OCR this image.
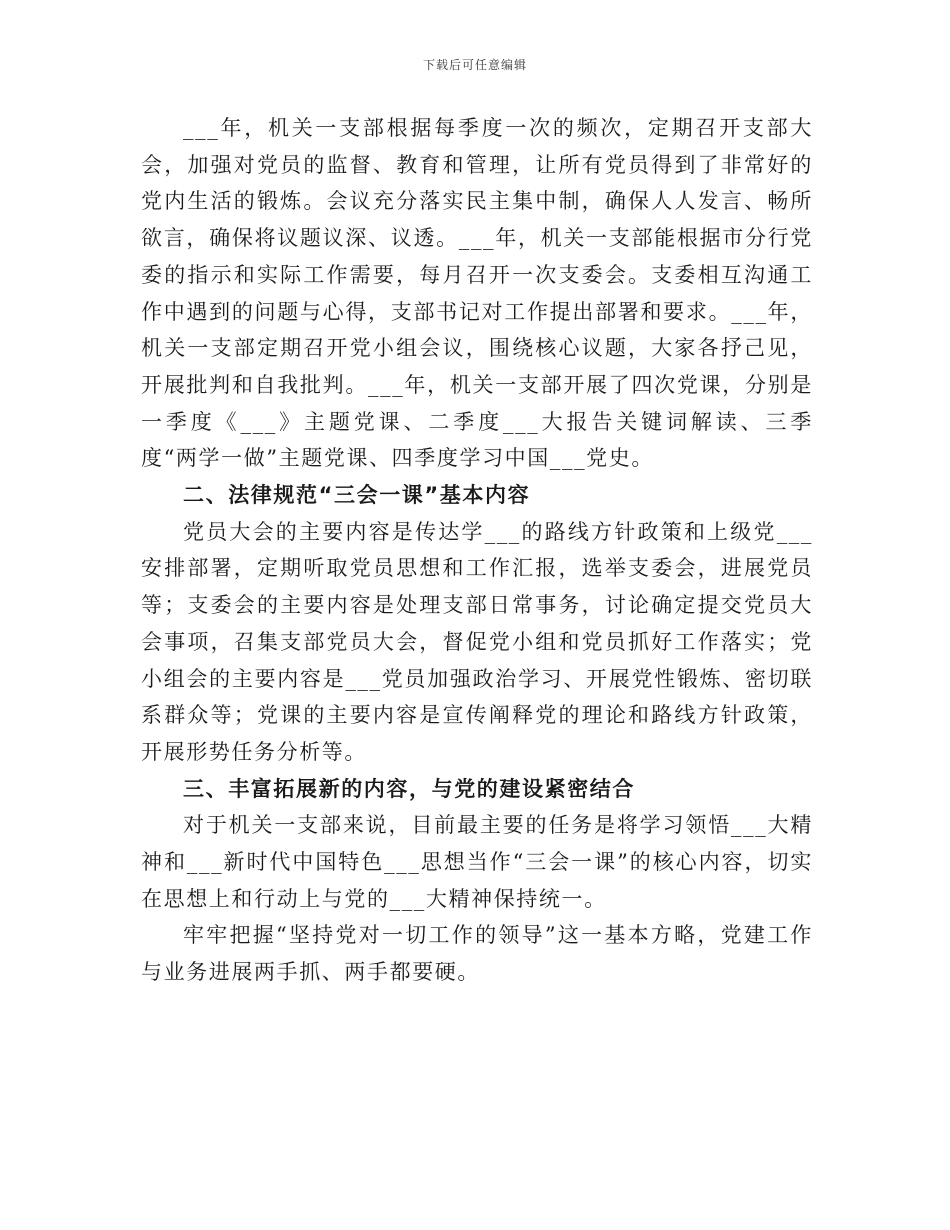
下载后可任意编辑

___年，机关一支部根据每季度一次的频次，定期召开支部大会，加强对党员的监督、教育和管理，让所有党员得到了非常好的党内生活的锻炼。会议充分落实民主集中制，确保人人发言、畅所欲言，确保将议题议深、议透。___年，机关一支部能根据市分行党委的指示和实际工作需要，每月召开一次支委会。支委相互沟通工作中遇到的问题与心得，支部书记对工作提出部署和要求。___年，机关一支部定期召开党小组会议，围绕核心议题，大家各抒己见，开展批判和自我批判。___年，机关一支部开展了四次党课，分别是一季度《___》主题党课、二季度___大报告关键词解读、三季度“两学一做”主题党课、四季度学习中国___党史。

二、法律规范“三会一课”基本内容

党员大会的主要内容是传达学___的路线方针政策和上级党___安排部署，定期听取党员思想和工作汇报，选举支委会，进展党员等；支委会的主要内容是处理支部日常事务，讨论确定提交党员大会事项，召集支部党员大会，督促党小组和党员抓好工作落实；党小组会的主要内容是___党员加强政治学习、开展党性锻炼、密切联系群众等；党课的主要内容是宣传阐释党的理论和路线方针政策，开展形势任务分析等。

三、丰富拓展新的内容，与党的建设紧密结合

对于机关一支部来说，目前最主要的任务是将学习领悟___大精神和___新时代中国特色___思想当作“三会一课”的核心内容，切实在思想上和行动上与党的___大精神保持统一。

牢牢把握“坚持党对一切工作的领导”这一基本方略，党建工作与业务进展两手抓、两手都要硬。
